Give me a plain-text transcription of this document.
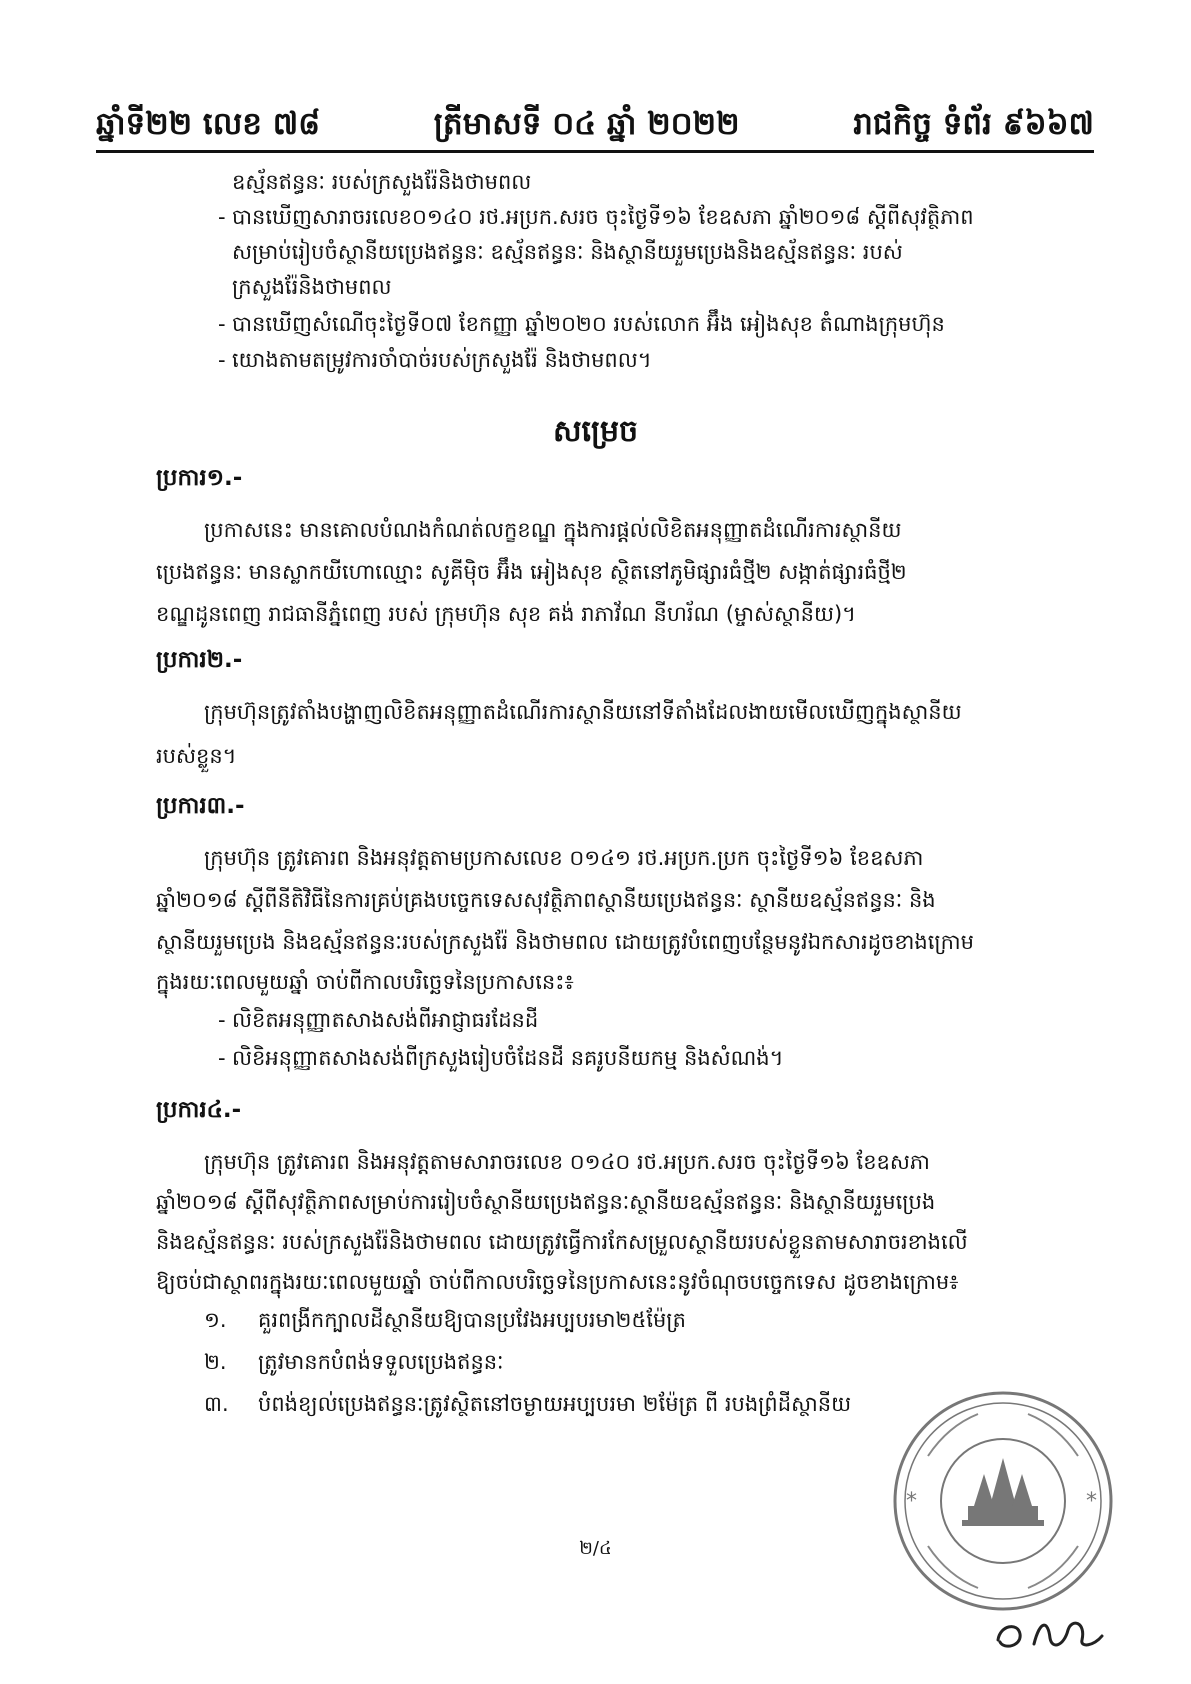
ឆ្នាំទី២២ លេខ ៧៨	ត្រីមាសទី ០៤ ឆ្នាំ ២០២២	រាជកិច្ច ទំព័រ ៩៦៦៧
ឧស្ម័នឥន្ធនៈ របស់ក្រសួងរ៉ែនិងថាមពល
- បានឃើញសារាចរលេខ០១៤០ រថ.អប្រក.សរច ចុះថ្ងៃទី១៦ ខែឧសភា ឆ្នាំ២០១៨ ស្តីពីសុវត្ថិភាព
សម្រាប់រៀបចំស្ថានីយប្រេងឥន្ធនៈ ឧស្ម័នឥន្ធនៈ និងស្ថានីយរួមប្រេងនិងឧស្ម័នឥន្ធនៈ របស់
ក្រសួងរ៉ែនិងថាមពល
- បានឃើញសំណើចុះថ្ងៃទី០៧ ខែកញ្ញា ឆ្នាំ២០២០ របស់លោក អ៊ឹង អៀងសុខ តំណាងក្រុមហ៊ុន
- យោងតាមតម្រូវការចាំបាច់របស់ក្រសួងរ៉ែ និងថាមពល។
សម្រេច
ប្រការ១.-
ប្រកាសនេះ មានគោលបំណងកំណត់លក្ខខណ្ឌ ក្នុងការផ្តល់លិខិតអនុញ្ញាតដំណើរការស្ថានីយ
ប្រេងឥន្ធនៈ មានស្លាកយីហោឈ្មោះ សូគីម៉ិច អ៊ឹង អៀងសុខ ស្ថិតនៅភូមិផ្សារធំថ្មី២ សង្កាត់ផ្សារធំថ្មី២
ខណ្ឌដូនពេញ រាជធានីភ្នំពេញ របស់ ក្រុមហ៊ុន សុខ គង់ រាភាវ័ណ នីហរ័ណ (ម្ចាស់ស្ថានីយ)។
ប្រការ២.-
ក្រុមហ៊ុនត្រូវតាំងបង្ហាញលិខិតអនុញ្ញាតដំណើរការស្ថានីយនៅទីតាំងដែលងាយមើលឃើញក្នុងស្ថានីយ
របស់ខ្លួន។
ប្រការ៣.-
ក្រុមហ៊ុន ត្រូវគោរព និងអនុវត្តតាមប្រកាសលេខ ០១៤១ រថ.អប្រក.ប្រក ចុះថ្ងៃទី១៦ ខែឧសភា
ឆ្នាំ២០១៨ ស្តីពីនីតិវិធីនៃការគ្រប់គ្រងបច្ចេកទេសសុវត្ថិភាពស្ថានីយប្រេងឥន្ធនៈ ស្ថានីយឧស្ម័នឥន្ធនៈ និង
ស្ថានីយរួមប្រេង និងឧស្ម័នឥន្ធនៈរបស់ក្រសួងរ៉ែ និងថាមពល ដោយត្រូវបំពេញបន្ថែមនូវឯកសារដូចខាងក្រោម
ក្នុងរយៈពេលមួយឆ្នាំ ចាប់ពីកាលបរិច្ឆេទនៃប្រកាសនេះ៖
- លិខិតអនុញ្ញាតសាងសង់ពីអាជ្ញាធរដែនដី
- លិខិអនុញ្ញាតសាងសង់ពីក្រសួងរៀបចំដែនដី នគរូបនីយកម្ម និងសំណង់។
ប្រការ៤.-
ក្រុមហ៊ុន ត្រូវគោរព និងអនុវត្តតាមសារាចរលេខ ០១៤០ រថ.អប្រក.សរច ចុះថ្ងៃទី១៦ ខែឧសភា
ឆ្នាំ២០១៨ ស្តីពីសុវត្ថិភាពសម្រាប់ការរៀបចំស្ថានីយប្រេងឥន្ធនៈស្ថានីយឧស្ម័នឥន្ធនៈ និងស្ថានីយរួមប្រេង
និងឧស្ម័នឥន្ធនៈ របស់ក្រសួងរ៉ែនិងថាមពល ដោយត្រូវធ្វើការកែសម្រួលស្ថានីយរបស់ខ្លួនតាមសារាចរខាងលើ
ឱ្យចប់ជាស្ថាពរក្នុងរយៈពេលមួយឆ្នាំ ចាប់ពីកាលបរិច្ឆេទនៃប្រកាសនេះនូវចំណុចបច្ចេកទេស ដូចខាងក្រោម៖
១. គួរពង្រីកក្បាលដីស្ថានីយឱ្យបានប្រវែងអប្បបរមា២៥ម៉ែត្រ
២. ត្រូវមានកបំពង់ទទួលប្រេងឥន្ធនៈ
៣. បំពង់ខ្យល់ប្រេងឥន្ធនៈត្រូវស្ថិតនៅចម្ងាយអប្បបរមា ២ម៉ែត្រ ពី របងព្រំដីស្ថានីយ
២/៤
*	*
